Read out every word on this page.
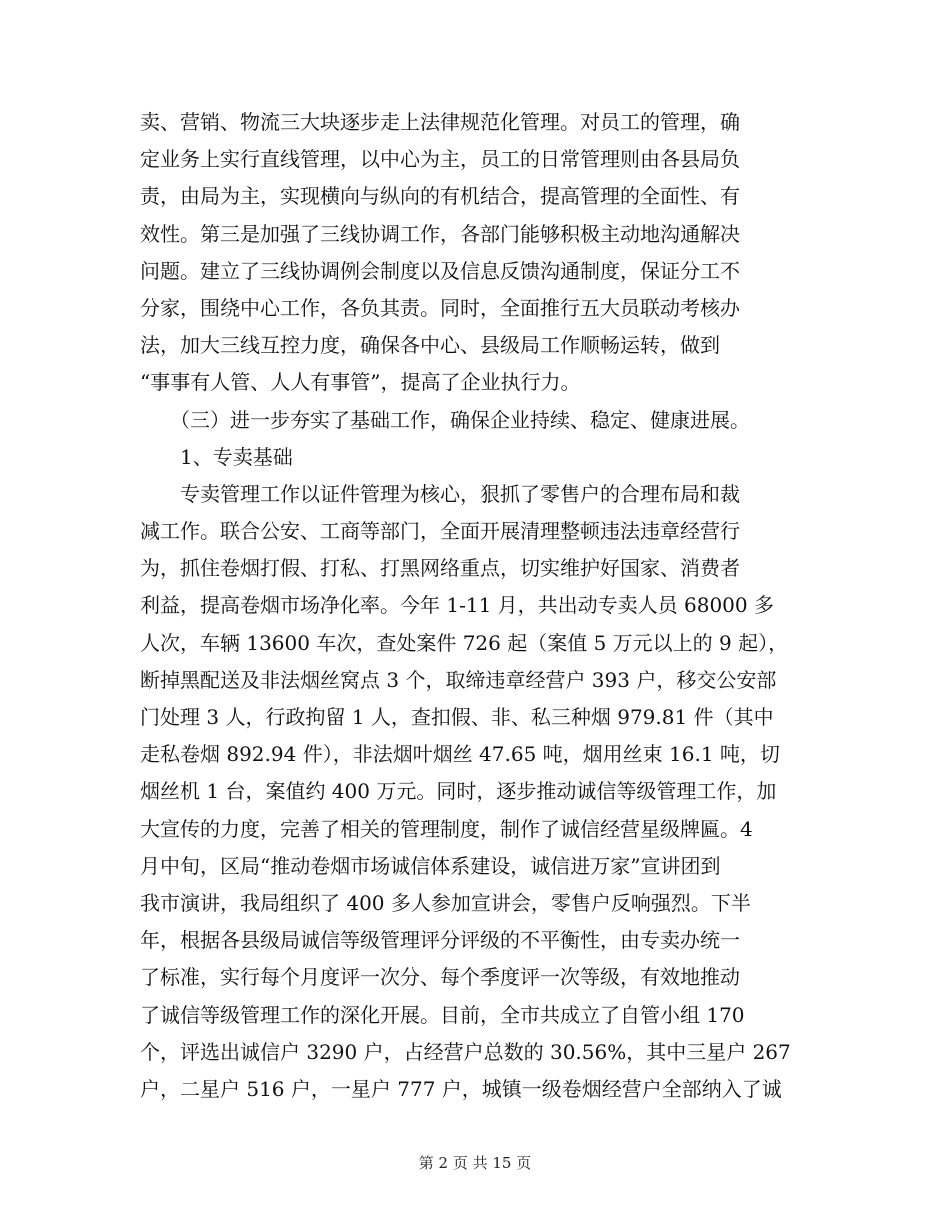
卖、营销、物流三大块逐步走上法律规范化管理。对员工的管理，确
定业务上实行直线管理，以中心为主，员工的日常管理则由各县局负
责，由局为主，实现横向与纵向的有机结合，提高管理的全面性、有
效性。第三是加强了三线协调工作，各部门能够积极主动地沟通解决
问题。建立了三线协调例会制度以及信息反馈沟通制度，保证分工不
分家，围绕中心工作，各负其责。同时，全面推行五大员联动考核办
法，加大三线互控力度，确保各中心、县级局工作顺畅运转，做到
“事事有人管、人人有事管”，提高了企业执行力。
　　（三）进一步夯实了基础工作，确保企业持续、稳定、健康进展。
　　1、专卖基础
　　专卖管理工作以证件管理为核心，狠抓了零售户的合理布局和裁
减工作。联合公安、工商等部门，全面开展清理整顿违法违章经营行
为，抓住卷烟打假、打私、打黑网络重点，切实维护好国家、消费者
利益，提高卷烟市场净化率。今年 1-11 月，共出动专卖人员 68000 多
人次，车辆 13600 车次，查处案件 726 起（案值 5 万元以上的 9 起），
断掉黑配送及非法烟丝窝点 3 个，取缔违章经营户 393 户，移交公安部
门处理 3 人，行政拘留 1 人，查扣假、非、私三种烟 979.81 件（其中
走私卷烟 892.94 件），非法烟叶烟丝 47.65 吨，烟用丝束 16.1 吨，切
烟丝机 1 台，案值约 400 万元。同时，逐步推动诚信等级管理工作，加
大宣传的力度，完善了相关的管理制度，制作了诚信经营星级牌匾。4
月中旬，区局“推动卷烟市场诚信体系建设，诚信进万家”宣讲团到
我市演讲，我局组织了 400 多人参加宣讲会，零售户反响强烈。下半
年，根据各县级局诚信等级管理评分评级的不平衡性，由专卖办统一
了标准，实行每个月度评一次分、每个季度评一次等级，有效地推动
了诚信等级管理工作的深化开展。目前，全市共成立了自管小组 170
个，评选出诚信户 3290 户，占经营户总数的 30.56%，其中三星户 267
户，二星户 516 户，一星户 777 户，城镇一级卷烟经营户全部纳入了诚
第 2 页 共 15 页
